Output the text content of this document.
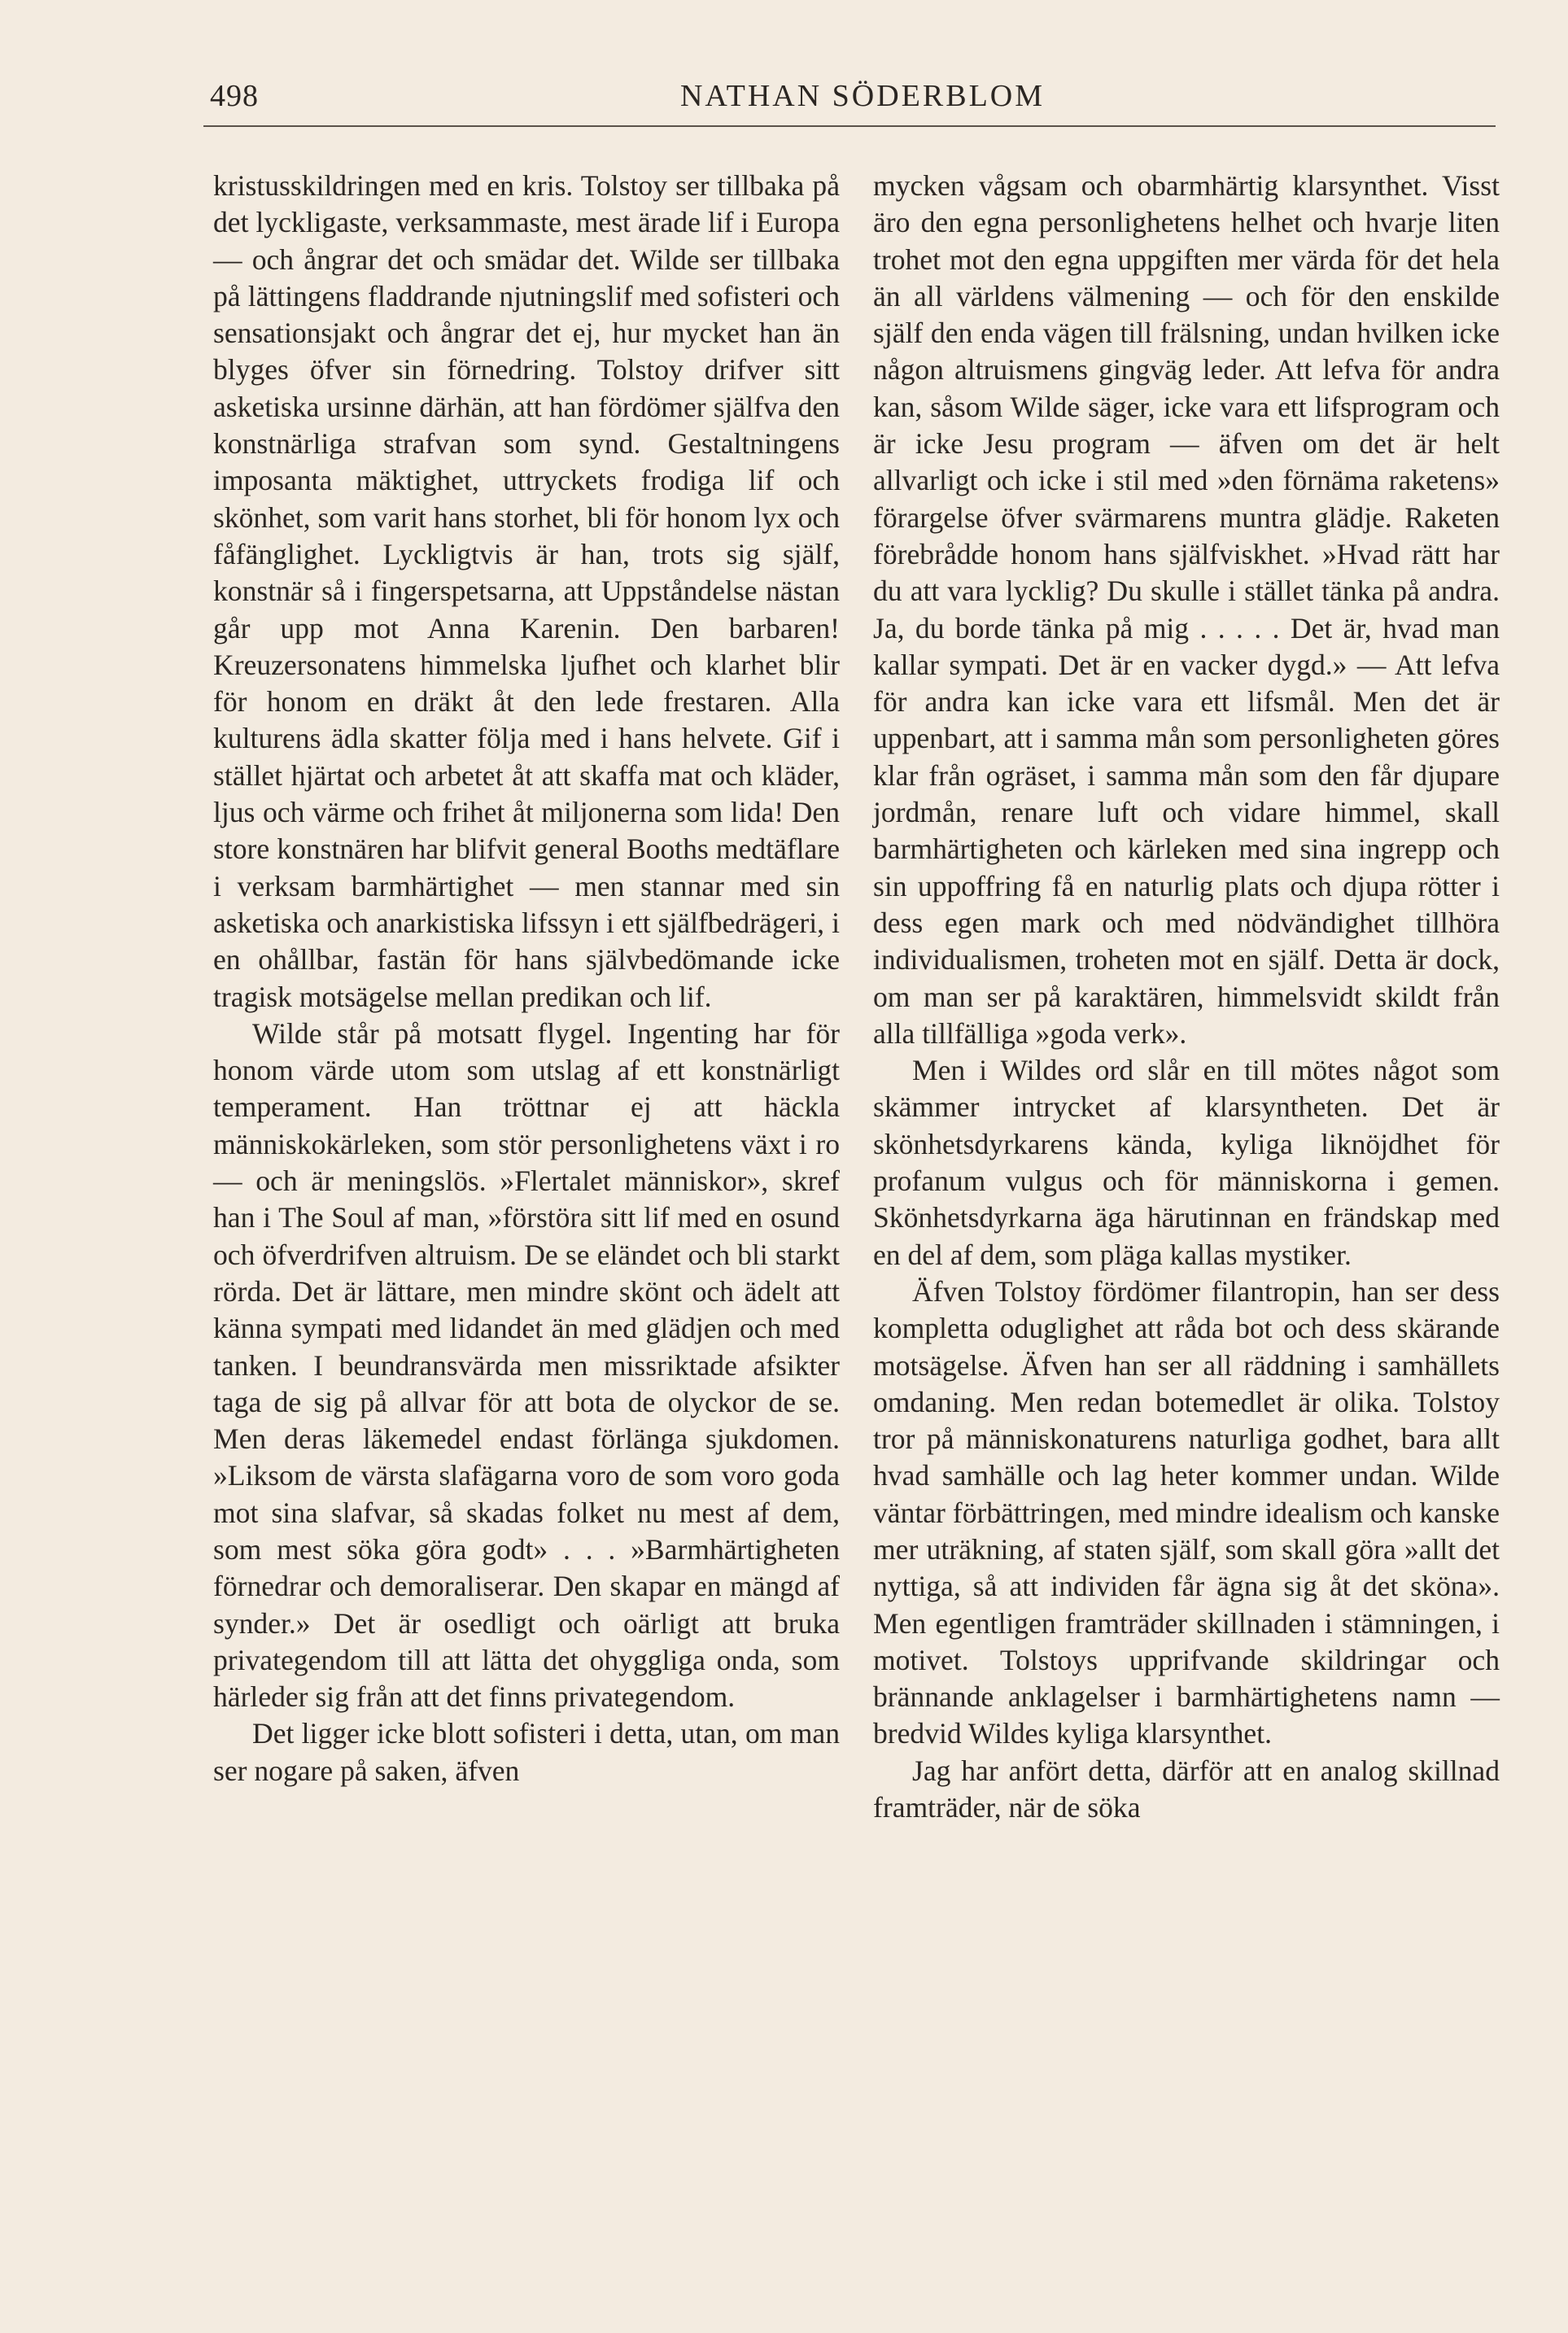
498	NATHAN SÖDERBLOM

kristusskildringen med en kris. Tolstoy ser tillbaka på det lyckligaste, verksammaste, mest ärade lif i Europa — och ångrar det och smädar det. Wilde ser tillbaka på lättingens fladdrande njutningslif med sofisteri och sensationsjakt och ångrar det ej, hur mycket han än blyges öfver sin förnedring. Tolstoy drifver sitt asketiska ursinne därhän, att han fördömer själfva den konstnärliga strafvan som synd. Gestaltningens imposanta mäktighet, uttryckets frodiga lif och skönhet, som varit hans storhet, bli för honom lyx och fåfänglighet. Lyckligtvis är han, trots sig själf, konstnär så i fingerspetsarna, att Uppståndelse nästan går upp mot Anna Karenin. Den barbaren! Kreuzersonatens himmelska ljufhet och klarhet blir för honom en dräkt åt den lede frestaren. Alla kulturens ädla skatter följa med i hans helvete. Gif i stället hjärtat och arbetet åt att skaffa mat och kläder, ljus och värme och frihet åt miljonerna som lida! Den store konstnären har blifvit general Booths medtäflare i verksam barmhärtighet — men stannar med sin asketiska och anarkistiska lifssyn i ett själfbedrägeri, i en ohållbar, fastän för hans självbedömande icke tragisk motsägelse mellan predikan och lif.

Wilde står på motsatt flygel. Ingenting har för honom värde utom som utslag af ett konstnärligt temperament. Han tröttnar ej att häckla människokärleken, som stör personlighetens växt i ro — och är meningslös. »Flertalet människor», skref han i The Soul af man, »förstöra sitt lif med en osund och öfverdrifven altruism. De se eländet och bli starkt rörda. Det är lättare, men mindre skönt och ädelt att känna sympati med lidandet än med glädjen och med tanken. I beundransvärda men missriktade afsikter taga de sig på allvar för att bota de olyckor de se. Men deras läkemedel endast förlänga sjukdomen. »Liksom de värsta slafägarna voro de som voro goda mot sina slafvar, så skadas folket nu mest af dem, som mest söka göra godt» . . . »Barmhärtigheten förnedrar och demoraliserar. Den skapar en mängd af synder.» Det är osedligt och oärligt att bruka privategendom till att lätta det ohyggliga onda, som härleder sig från att det finns privategendom.

Det ligger icke blott sofisteri i detta, utan, om man ser nogare på saken, äfven

mycken vågsam och obarmhärtig klarsynthet. Visst äro den egna personlighetens helhet och hvarje liten trohet mot den egna uppgiften mer värda för det hela än all världens välmening — och för den enskilde själf den enda vägen till frälsning, undan hvilken icke någon altruismens gingväg leder. Att lefva för andra kan, såsom Wilde säger, icke vara ett lifsprogram och är icke Jesu program — äfven om det är helt allvarligt och icke i stil med »den förnäma raketens» förargelse öfver svärmarens muntra glädje. Raketen förebrådde honom hans själfviskhet. »Hvad rätt har du att vara lycklig? Du skulle i stället tänka på andra. Ja, du borde tänka på mig . . . . . Det är, hvad man kallar sympati. Det är en vacker dygd.» — Att lefva för andra kan icke vara ett lifsmål. Men det är uppenbart, att i samma mån som personligheten göres klar från ogräset, i samma mån som den får djupare jordmån, renare luft och vidare himmel, skall barmhärtigheten och kärleken med sina ingrepp och sin uppoffring få en naturlig plats och djupa rötter i dess egen mark och med nödvändighet tillhöra individualismen, troheten mot en själf. Detta är dock, om man ser på karaktären, himmelsvidt skildt från alla tillfälliga »goda verk».

Men i Wildes ord slår en till mötes något som skämmer intrycket af klarsyntheten. Det är skönhetsdyrkarens kända, kyliga liknöjdhet för profanum vulgus och för människorna i gemen. Skönhetsdyrkarna äga härutinnan en frändskap med en del af dem, som pläga kallas mystiker.

Äfven Tolstoy fördömer filantropin, han ser dess kompletta oduglighet att råda bot och dess skärande motsägelse. Äfven han ser all räddning i samhällets omdaning. Men redan botemedlet är olika. Tolstoy tror på människonaturens naturliga godhet, bara allt hvad samhälle och lag heter kommer undan. Wilde väntar förbättringen, med mindre idealism och kanske mer uträkning, af staten själf, som skall göra »allt det nyttiga, så att individen får ägna sig åt det sköna». Men egentligen framträder skillnaden i stämningen, i motivet. Tolstoys upprifvande skildringar och brännande anklagelser i barmhärtighetens namn — bredvid Wildes kyliga klarsynthet.

Jag har anfört detta, därför att en analog skillnad framträder, när de söka
